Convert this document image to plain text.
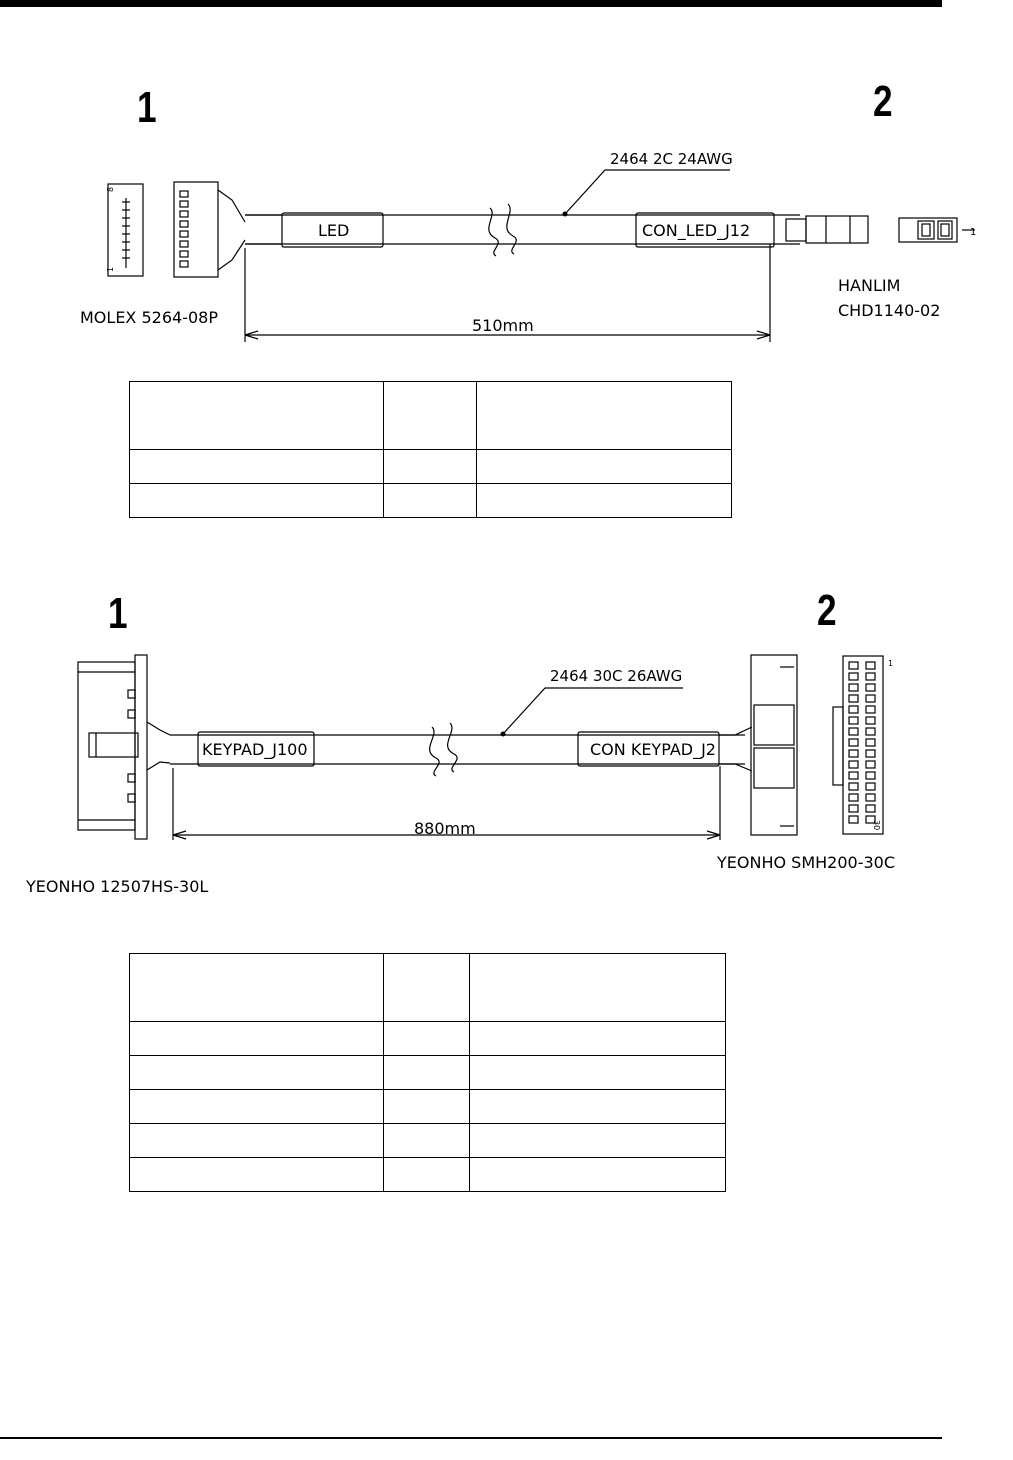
1	2
8
1
1
2464 2C 24AWG
LED	CON_LED_J12
510mm
MOLEX 5264-08P
HANLIM
CHD1140-02

1	2
1
30
2464 30C 26AWG
KEYPAD_J100	CON KEYPAD_J2
880mm
YEONHO SMH200-30C
YEONHO 12507HS-30L
